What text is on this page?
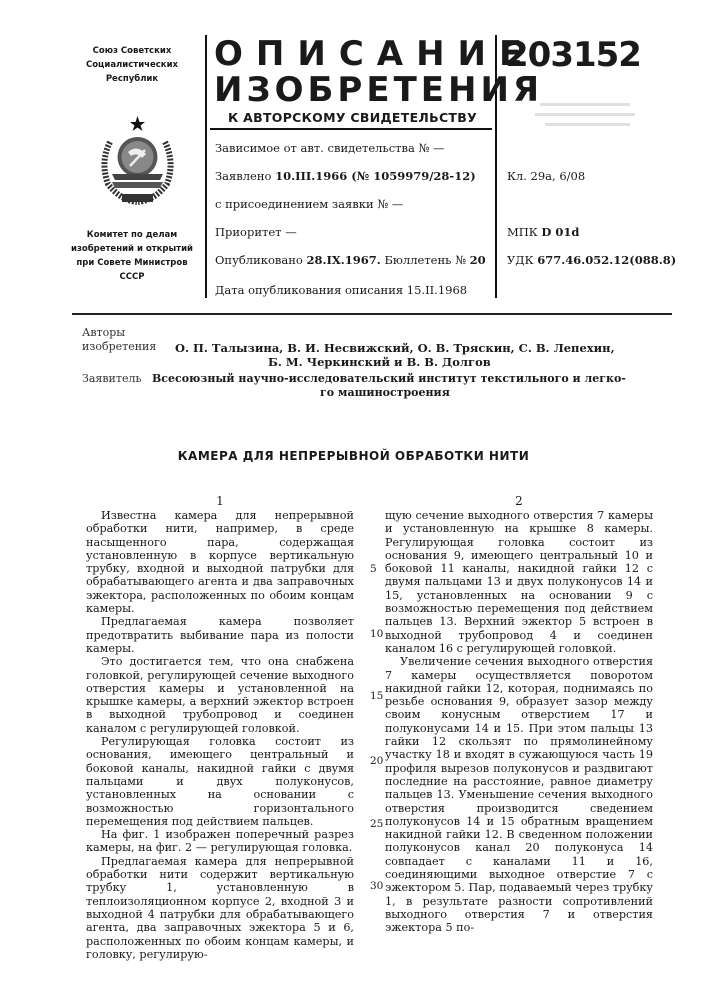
Союз Советских
Социалистических
Республик
Комитет по делам
изобретений и открытий
при Совете Министров
СССР
ОПИСАНИЕ
ИЗОБРЕТЕНИЯ
К АВТОРСКОМУ СВИДЕТЕЛЬСТВУ
203152
Зависимое от авт. свидетельства № —
Заявлено 10.III.1966 (№ 1059979/28-12)
с присоединением заявки № —
Приоритет —
Опубликовано 28.IX.1967. Бюллетень № 20
Дата опубликования описания 15.II.1968
Кл. 29а, 6/08
МПК D 01d
УДК 677.46.052.12(088.8)
Авторы
изобретения О. П. Талызина, В. И. Несвижский, О. В. Тряскин, С. В. Лепехин,
Б. М. Черкинский и В. В. Долгов
Заявитель Всесоюзный научно-исследовательский институт текстильного и легко-
го машиностроения
КАМЕРА ДЛЯ НЕПРЕРЫВНОЙ ОБРАБОТКИ НИТИ
1

Известна камера для непрерывной обработки нити, например, в среде насыщенного пара, содержащая установленную в корпусе вертикальную трубку, входной и выходной патрубки для обрабатывающего агента и два заправочных эжектора, расположенных по обоим концам камеры.

Предлагаемая камера позволяет предотвратить выбивание пара из полости камеры.

Это достигается тем, что она снабжена головкой, регулирующей сечение выходного отверстия камеры и установленной на крышке камеры, а верхний эжектор встроен в выходной трубопровод и соединен каналом с регулирующей головкой.

Регулирующая головка состоит из основания, имеющего центральный и боковой каналы, накидной гайки с двумя пальцами и двух полуконусов, установленных на основании с возможностью горизонтального перемещения под действием пальцев.

На фиг. 1 изображен поперечный разрез камеры, на фиг. 2 — регулирующая головка.

Предлагаемая камера для непрерывной обработки нити содержит вертикальную трубку 1, установленную в теплоизоляционном корпусе 2, входной 3 и выходной 4 патрубки для обрабатывающего агента, два заправочных эжектора 5 и 6, расположенных по обоим концам камеры, и головку, регулирую-

5
10
15
20
25
30
2

щую сечение выходного отверстия 7 камеры и установленную на крышке 8 камеры. Регулирующая головка состоит из основания 9, имеющего центральный 10 и боковой 11 каналы, накидной гайки 12 с двумя пальцами 13 и двух полуконусов 14 и 15, установленных на основании 9 с возможностью перемещения под действием пальцев 13. Верхний эжектор 5 встроен в выходной трубопровод 4 и соединен каналом 16 с регулирующей головкой.

Увеличение сечения выходного отверстия 7 камеры осуществляется поворотом накидной гайки 12, которая, поднимаясь по резьбе основания 9, образует зазор между своим конусным отверстием 17 и полуконусами 14 и 15. При этом пальцы 13 гайки 12 скользят по прямолинейному участку 18 и входят в сужающуюся часть 19 профиля вырезов полуконусов и раздвигают последние на расстояние, равное диаметру пальцев 13. Уменьшение сечения выходного отверстия производится сведением полуконусов 14 и 15 обратным вращением накидной гайки 12. В сведенном положении полуконусов канал 20 полуконуса 14 совпадает с каналами 11 и 16, соединяющими выходное отверстие 7 с эжектором 5. Пар, подаваемый через трубку 1, в результате разности сопротивлений выходного отверстия 7 и отверстия эжектора 5 по-
